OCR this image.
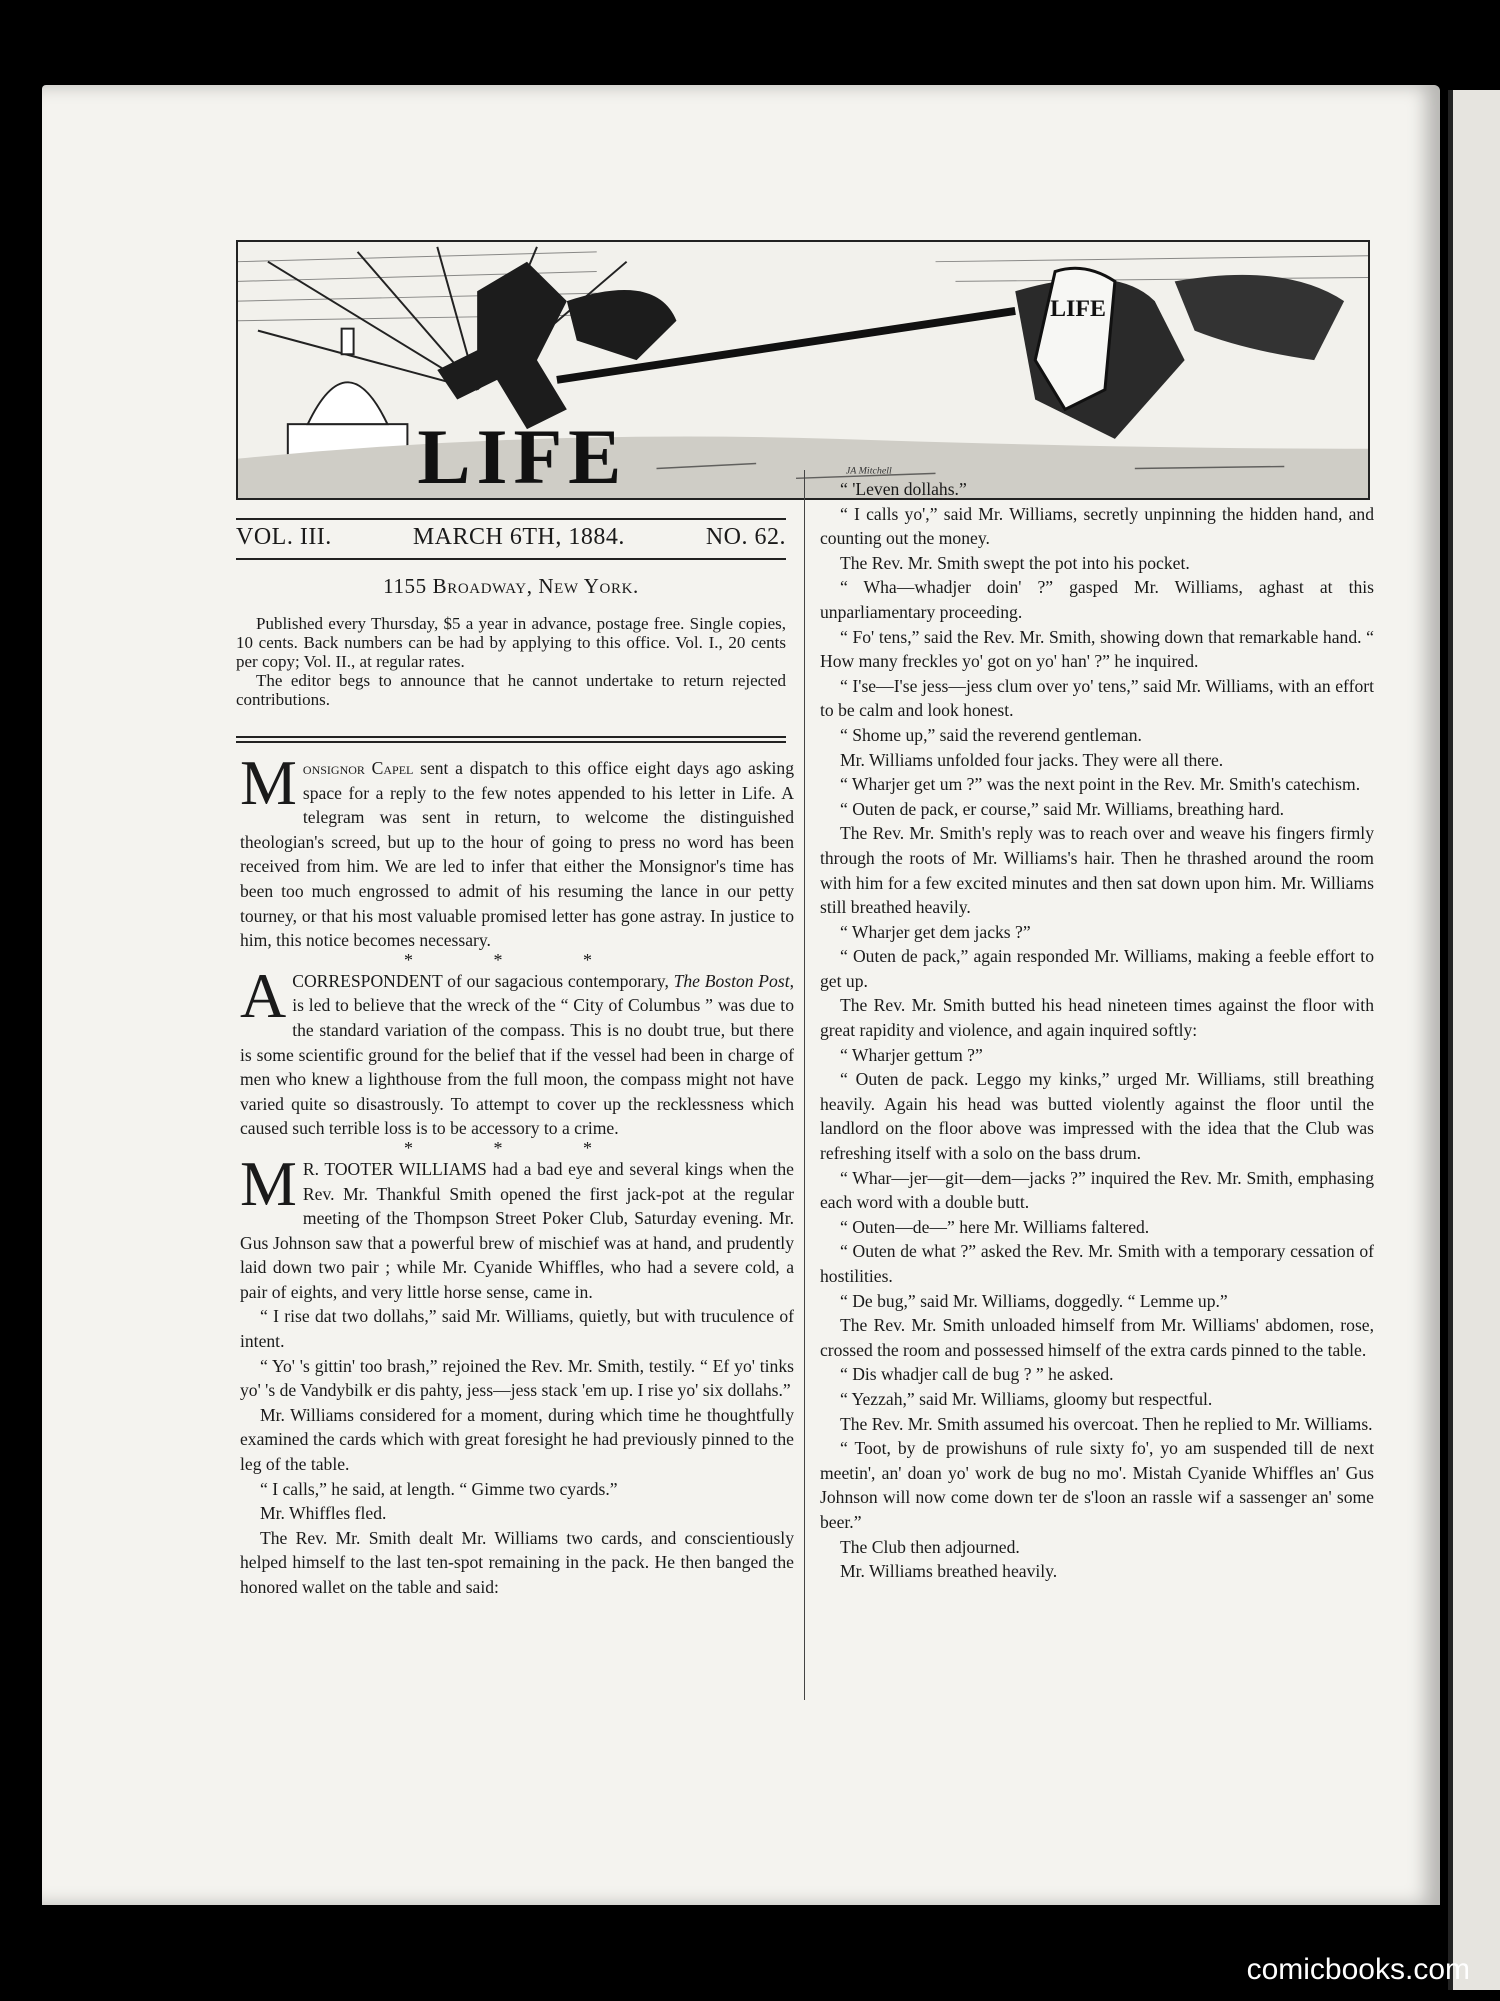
LIFE
LIFE	JA Mitchell
VOL. III.	MARCH 6TH, 1884.	NO. 62.
1155 Broadway, New York.

Published every Thursday, $5 a year in advance, postage free. Single copies, 10 cents. Back numbers can be had by applying to this office. Vol. I., 20 cents per copy; Vol. II., at regular rates.

The editor begs to announce that he cannot undertake to return rejected contributions.

Monsignor Capel sent a dispatch to this office eight days ago asking space for a reply to the few notes appended to his letter in Life. A telegram was sent in return, to welcome the distinguished theologian's screed, but up to the hour of going to press no word has been received from him. We are led to infer that either the Monsignor's time has been too much engrossed to admit of his resuming the lance in our petty tourney, or that his most valuable promised letter has gone astray. In justice to him, this notice becomes necessary.

* * *

ACORRESPONDENT of our sagacious contemporary, The Boston Post, is led to believe that the wreck of the “ City of Columbus ” was due to the standard variation of the compass. This is no doubt true, but there is some scientific ground for the belief that if the vessel had been in charge of men who knew a lighthouse from the full moon, the compass might not have varied quite so disastrously. To attempt to cover up the recklessness which caused such terrible loss is to be accessory to a crime.

* * *

M R. TOOTER WILLIAMS had a bad eye and several kings when the Rev. Mr. Thankful Smith opened the first jack-pot at the regular meeting of the Thompson Street Poker Club, Saturday evening. Mr. Gus Johnson saw that a powerful brew of mischief was at hand, and prudently laid down two pair ; while Mr. Cyanide Whiffles, who had a severe cold, a pair of eights, and very little horse sense, came in.

“ I rise dat two dollahs,” said Mr. Williams, quietly, but with truculence of intent.

“ Yo' 's gittin' too brash,” rejoined the Rev. Mr. Smith, testily. “ Ef yo' tinks yo' 's de Vandybilk er dis pahty, jess—jess stack 'em up. I rise yo' six dollahs.”

Mr. Williams considered for a moment, during which time he thoughtfully examined the cards which with great foresight he had previously pinned to the leg of the table.

“ I calls,” he said, at length. “ Gimme two cyards.”

Mr. Whiffles fled.

The Rev. Mr. Smith dealt Mr. Williams two cards, and conscientiously helped himself to the last ten-spot remaining in the pack. He then banged the honored wallet on the table and said:

“ 'Leven dollahs.”

“ I calls yo',” said Mr. Williams, secretly unpinning the hidden hand, and counting out the money.

The Rev. Mr. Smith swept the pot into his pocket.

“ Wha—whadjer doin' ?” gasped Mr. Williams, aghast at this unparliamentary proceeding.

“ Fo' tens,” said the Rev. Mr. Smith, showing down that remarkable hand. “ How many freckles yo' got on yo' han' ?” he inquired.

“ I'se—I'se jess—jess clum over yo' tens,” said Mr. Williams, with an effort to be calm and look honest.

“ Shome up,” said the reverend gentleman.

Mr. Williams unfolded four jacks. They were all there.

“ Wharjer get um ?” was the next point in the Rev. Mr. Smith's catechism.

“ Outen de pack, er course,” said Mr. Williams, breathing hard.

The Rev. Mr. Smith's reply was to reach over and weave his fingers firmly through the roots of Mr. Williams's hair. Then he thrashed around the room with him for a few excited minutes and then sat down upon him. Mr. Williams still breathed heavily.

“ Wharjer get dem jacks ?”

“ Outen de pack,” again responded Mr. Williams, making a feeble effort to get up.

The Rev. Mr. Smith butted his head nineteen times against the floor with great rapidity and violence, and again inquired softly:

“ Wharjer gettum ?”

“ Outen de pack. Leggo my kinks,” urged Mr. Williams, still breathing heavily. Again his head was butted violently against the floor until the landlord on the floor above was impressed with the idea that the Club was refreshing itself with a solo on the bass drum.

“ Whar—jer—git—dem—jacks ?” inquired the Rev. Mr. Smith, emphasing each word with a double butt.

“ Outen—de—” here Mr. Williams faltered.

“ Outen de what ?” asked the Rev. Mr. Smith with a temporary cessation of hostilities.

“ De bug,” said Mr. Williams, doggedly. “ Lemme up.”

The Rev. Mr. Smith unloaded himself from Mr. Williams' abdomen, rose, crossed the room and possessed himself of the extra cards pinned to the table.

“ Dis whadjer call de bug ? ” he asked.

“ Yezzah,” said Mr. Williams, gloomy but respectful.

The Rev. Mr. Smith assumed his overcoat. Then he replied to Mr. Williams.

“ Toot, by de prowishuns of rule sixty fo', yo am suspended till de next meetin', an' doan yo' work de bug no mo'. Mistah Cyanide Whiffles an' Gus Johnson will now come down ter de s'loon an rassle wif a sassenger an' some beer.”

The Club then adjourned.

Mr. Williams breathed heavily.

comicbooks.com
